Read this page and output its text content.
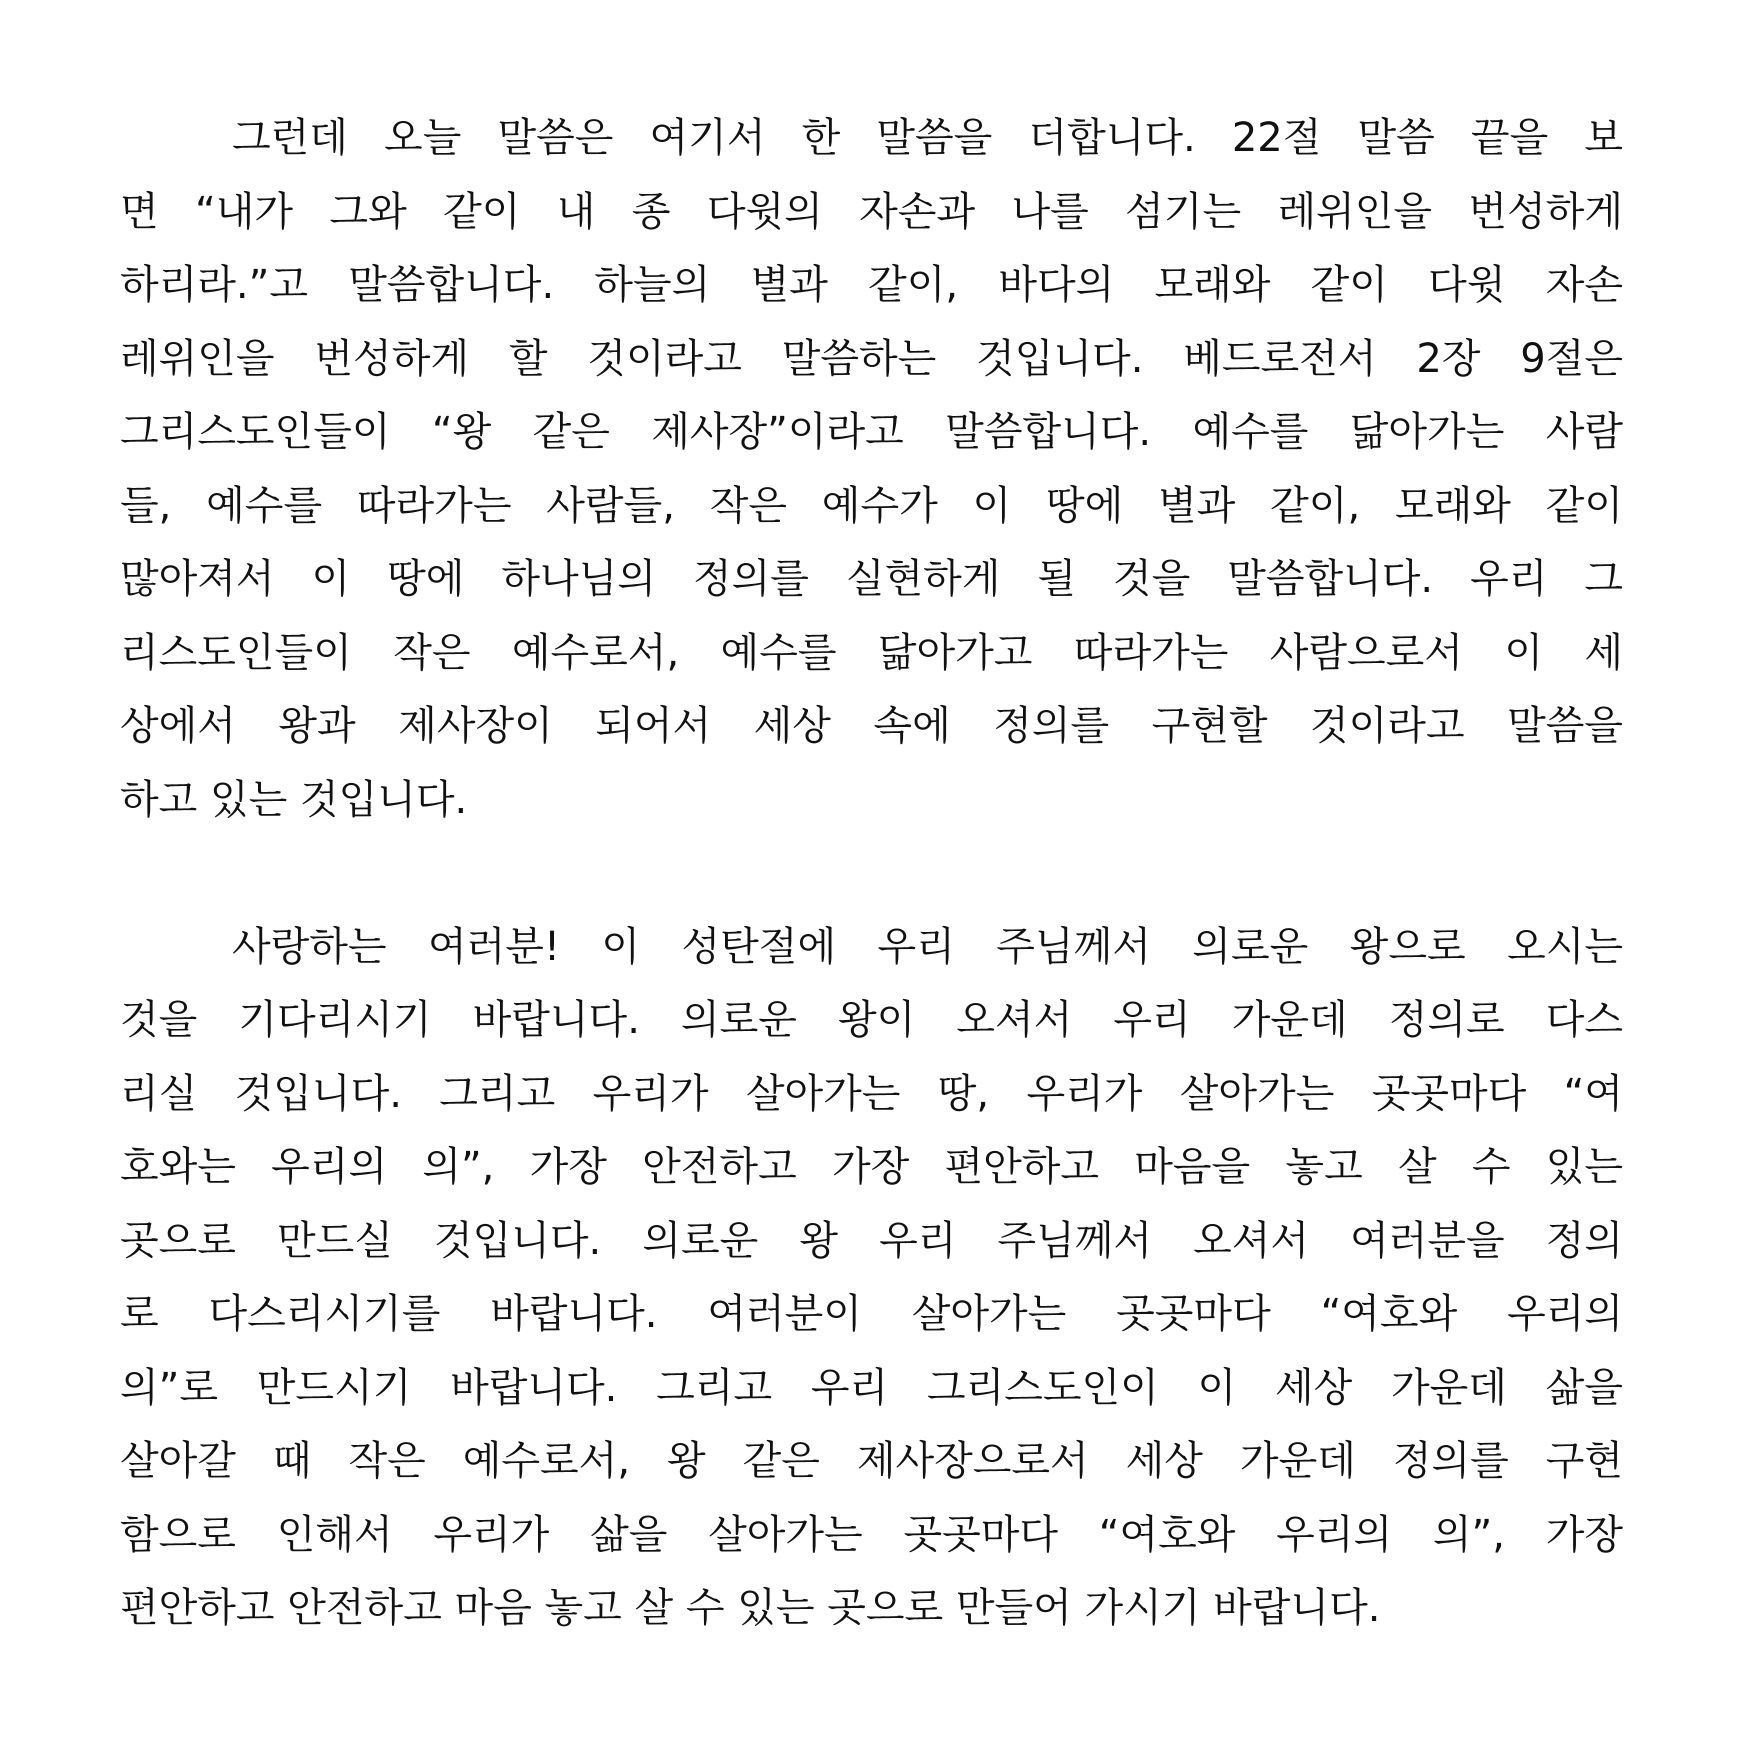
그런데 오늘 말씀은 여기서 한 말씀을 더합니다. 22절 말씀 끝을 보
면 “내가 그와 같이 내 종 다윗의 자손과 나를 섬기는 레위인을 번성하게
하리라.”고 말씀합니다. 하늘의 별과 같이, 바다의 모래와 같이 다윗 자손
레위인을 번성하게 할 것이라고 말씀하는 것입니다. 베드로전서 2장 9절은
그리스도인들이 “왕 같은 제사장”이라고 말씀합니다. 예수를 닮아가는 사람
들, 예수를 따라가는 사람들, 작은 예수가 이 땅에 별과 같이, 모래와 같이
많아져서 이 땅에 하나님의 정의를 실현하게 될 것을 말씀합니다. 우리 그
리스도인들이 작은 예수로서, 예수를 닮아가고 따라가는 사람으로서 이 세
상에서 왕과 제사장이 되어서 세상 속에 정의를 구현할 것이라고 말씀을
하고 있는 것입니다.
사랑하는 여러분! 이 성탄절에 우리 주님께서 의로운 왕으로 오시는
것을 기다리시기 바랍니다. 의로운 왕이 오셔서 우리 가운데 정의로 다스
리실 것입니다. 그리고 우리가 살아가는 땅, 우리가 살아가는 곳곳마다 “여
호와는 우리의 의”, 가장 안전하고 가장 편안하고 마음을 놓고 살 수 있는
곳으로 만드실 것입니다. 의로운 왕 우리 주님께서 오셔서 여러분을 정의
로 다스리시기를 바랍니다. 여러분이 살아가는 곳곳마다 “여호와 우리의
의”로 만드시기 바랍니다. 그리고 우리 그리스도인이 이 세상 가운데 삶을
살아갈 때 작은 예수로서, 왕 같은 제사장으로서 세상 가운데 정의를 구현
함으로 인해서 우리가 삶을 살아가는 곳곳마다 “여호와 우리의 의”, 가장
편안하고 안전하고 마음 놓고 살 수 있는 곳으로 만들어 가시기 바랍니다.
